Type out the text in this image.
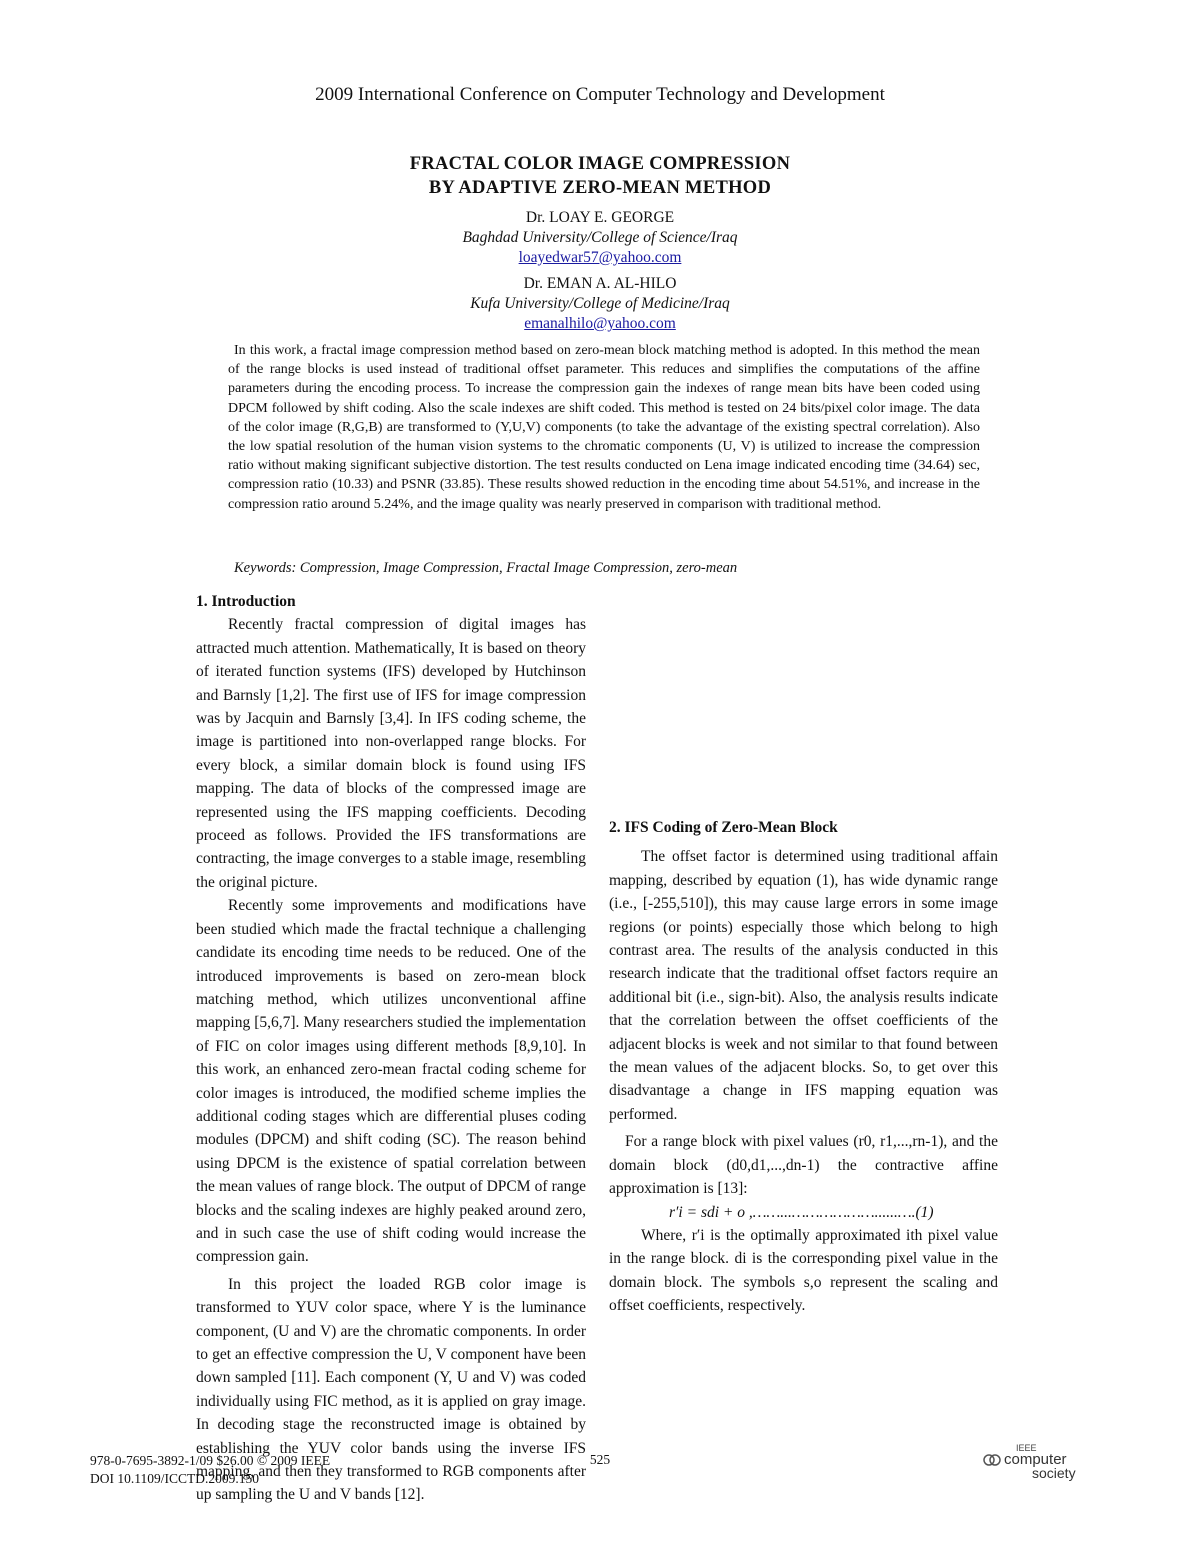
2009 International Conference on Computer Technology and Development
FRACTAL COLOR IMAGE COMPRESSION
BY ADAPTIVE ZERO-MEAN METHOD
Dr. LOAY E. GEORGE
Baghdad University/College of Science/Iraq
loayedwar57@yahoo.com
Dr. EMAN A. AL-HILO
Kufa University/College of Medicine/Iraq
emanalhilo@yahoo.com

In this work, a fractal image compression method based on zero-mean block matching method is adopted. In this method the mean of the range blocks is used instead of traditional offset parameter. This reduces and simplifies the computations of the affine parameters during the encoding process. To increase the compression gain the indexes of range mean bits have been coded using DPCM followed by shift coding. Also the scale indexes are shift coded. This method is tested on 24 bits/pixel color image. The data of the color image (R,G,B) are transformed to (Y,U,V) components (to take the advantage of the existing spectral correlation). Also the low spatial resolution of the human vision systems to the chromatic components (U, V) is utilized to increase the compression ratio without making significant subjective distortion. The test results conducted on Lena image indicated encoding time (34.64) sec, compression ratio (10.33) and PSNR (33.85). These results showed reduction in the encoding time about 54.51%, and increase in the compression ratio around 5.24%, and the image quality was nearly preserved in comparison with traditional method.

Keywords: Compression, Image Compression, Fractal Image Compression, zero-mean
1. Introduction

Recently fractal compression of digital images has attracted much attention. Mathematically, It is based on theory of iterated function systems (IFS) developed by Hutchinson and Barnsly [1,2]. The first use of IFS for image compression was by Jacquin and Barnsly [3,4]. In IFS coding scheme, the image is partitioned into non-overlapped range blocks. For every block, a similar domain block is found using IFS mapping. The data of blocks of the compressed image are represented using the IFS mapping coefficients. Decoding proceed as follows. Provided the IFS transformations are contracting, the image converges to a stable image, resembling the original picture.

Recently some improvements and modifications have been studied which made the fractal technique a challenging candidate its encoding time needs to be reduced. One of the introduced improvements is based on zero-mean block matching method, which utilizes unconventional affine mapping [5,6,7]. Many researchers studied the implementation of FIC on color images using different methods [8,9,10]. In this work, an enhanced zero-mean fractal coding scheme for color images is introduced, the modified scheme implies the additional coding stages which are differential pluses coding modules (DPCM) and shift coding (SC). The reason behind using DPCM is the existence of spatial correlation between the mean values of range block. The output of DPCM of range blocks and the scaling indexes are highly peaked around zero, and in such case the use of shift coding would increase the compression gain.

In this project the loaded RGB color image is transformed to YUV color space, where Y is the luminance component, (U and V) are the chromatic components. In order to get an effective compression the U, V component have been down sampled [11]. Each component (Y, U and V) was coded individually using FIC method, as it is applied on gray image. In decoding stage the reconstructed image is obtained by establishing the YUV color bands using the inverse IFS mapping, and then they transformed to RGB components after up sampling the U and V bands [12].

2. IFS Coding of Zero-Mean Block

The offset factor is determined using traditional affain mapping, described by equation (1), has wide dynamic range (i.e., [-255,510]), this may cause large errors in some image regions (or points) especially those which belong to high contrast area. The results of the analysis conducted in this research indicate that the traditional offset factors require an additional bit (i.e., sign-bit). Also, the analysis results indicate that the correlation between the offset coefficients of the adjacent blocks is week and not similar to that found between the mean values of the adjacent blocks. So, to get over this disadvantage a change in IFS mapping equation was performed.

For a range block with pixel values (r0, r1,...,rn-1), and the domain block (d0,d1,...,dn-1) the contractive affine approximation is [13]:

r′i = sdi + o ,……...………………......….(1)

Where, r′i is the optimally approximated ith pixel value in the range block. di is the corresponding pixel value in the domain block. The symbols s,o represent the scaling and offset coefficients, respectively.

978-0-7695-3892-1/09 $26.00 © 2009 IEEE
DOI 10.1109/ICCTD.2009.150
525
IEEE
computer
society
